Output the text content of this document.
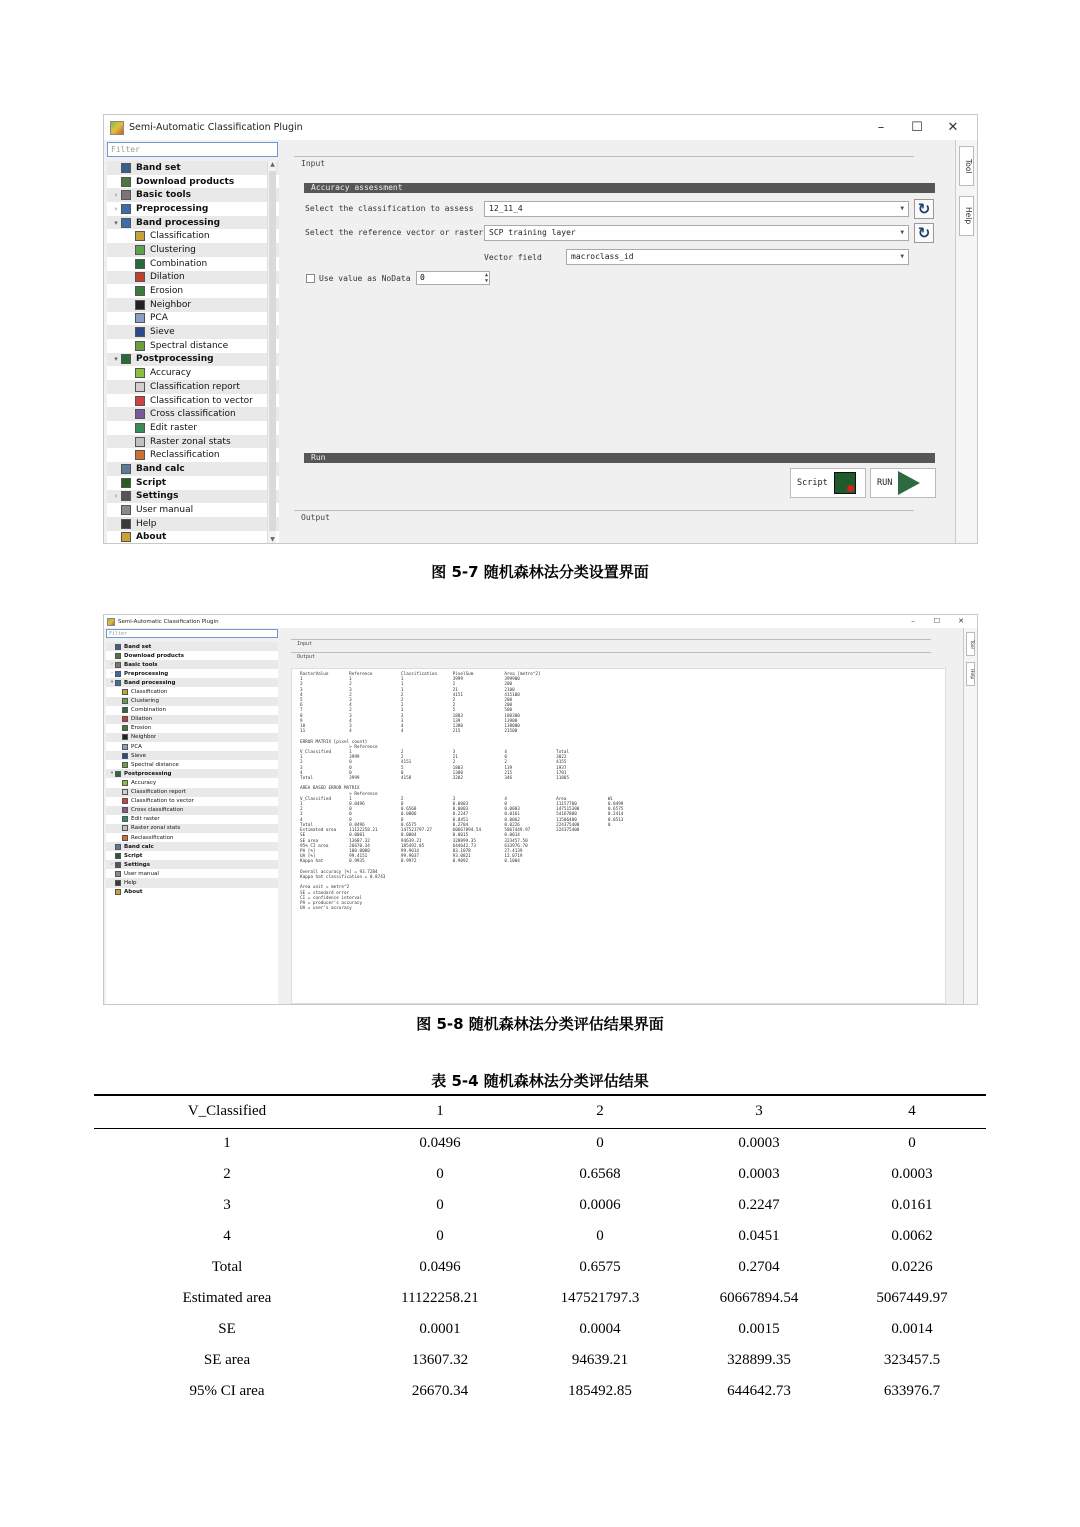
Semi-Automatic Classification Plugin	–	☐	✕
Filter
Band set
Download products
›	Basic tools
›	Preprocessing
▾	Band processing
Classification
Clustering
Combination
Dilation
Erosion
Neighbor
PCA
Sieve
Spectral distance
▾	Postprocessing
Accuracy
Classification report
Classification to vector
Cross classification
Edit raster
Raster zonal stats
Reclassification
Band calc
Script
›	Settings
User manual
Help
About
▲
▼
Input
Accuracy assessment
Select the classification to assess	12_11_4	▼ ↻
Select the reference vector or raster SCP training layer	▼ ↻
Vector field	macroclass_id	▼
Use value as NoData	0	▲
▼
Run
Script	RUN
Output
Tool
Help
图 5-7 随机森林法分类设置界面
Semi-Automatic Classification Plugin	–	☐	✕
Filter
Band set
Download products
›	Basic tools
›	Preprocessing
▾	Band processing
Classification
Clustering
Combination
Dilation
Erosion
Neighbor
PCA
Sieve
Spectral distance
▾	Postprocessing
Accuracy
Classification report
Classification to vector
Cross classification
Edit raster
Raster zonal stats
Reclassification
Band calc
Script
›	Settings
User manual
Help
About
Input
Output
RasterValue        Reference           Classification      PixelSum            Area [metre^2]
1                  1                   1                   3999                399900
2                  2                   1                   2                   200
3                  3                   1                   21                  2100
4                  2                   2                   4151                415100
5                  3                   2                   2                   200
6                  4                   2                   2                   200
7                  2                   3                   5                   500
8                  3                   3                   1803                180300
9                  4                   3                   139                 13900
10                 3                   4                   1380                138000
11                 4                   4                   215                 21500

ERROR MATRIX [pixel count]
> Reference
V_Classified       1                   2                   3                   4                   Total
1                  3999                2                   21                  0                   3022
2                  0                   4151                2                   2                   4155
3                  0                   5                   1803                139                 1937
4                  0                   0                   1380                215                 1781
Total              3999                4158                3202                346                 11805

AREA BASED ERROR MATRIX
> Reference
V_Classified       1                   2                   3                   4                   Area                Wi
1                  0.0496              0                   0.0003              0                   11157700            0.0499
2                  0                   0.6568              0.0003              0.0003              147515300           0.6575
3                  0                   0.0006              0.2247              0.0161              54167800            0.2414
4                  0                   0                   0.0451              0.0062              11506400            0.0513
Total              0.0496              0.6575              0.2704              0.0226              224375400           0
Estimated area     11122258.21         147521797.27        60667894.54         5067449.97          224375400
SE                 0.0001              0.0004              0.0015              0.0014
SE area            13607.32            94639.21            328899.35           323457.50
95% CI area        26670.34            185492.85           644642.73           633976.70
PA [%]             100.0000            99.9014             83.1078             27.4139
UA [%]             99.4151             99.9037             93.0821             12.0719
Kappa hat          0.9935              0.9972              0.9092              0.1004

Overall accuracy [%] = 93.7284
Kappa hat classification = 0.8743

Area unit = metre^2
SE = standard error
CI = confidence interval
PA = producer's accuracy
UA = user's accuracy
Tool
Help
图 5-8 随机森林法分类评估结果界面
表 5-4 随机森林法分类评估结果
V_Classified	1	2	3	4
1	0.0496	0	0.0003	0
2	0	0.6568	0.0003	0.0003
3	0	0.0006	0.2247	0.0161
4	0	0	0.0451	0.0062
Total	0.0496	0.6575	0.2704	0.0226
Estimated area	11122258.21	147521797.3	60667894.54	5067449.97
SE	0.0001	0.0004	0.0015	0.0014
SE area	13607.32	94639.21	328899.35	323457.5
95% CI area	26670.34	185492.85	644642.73	633976.7
